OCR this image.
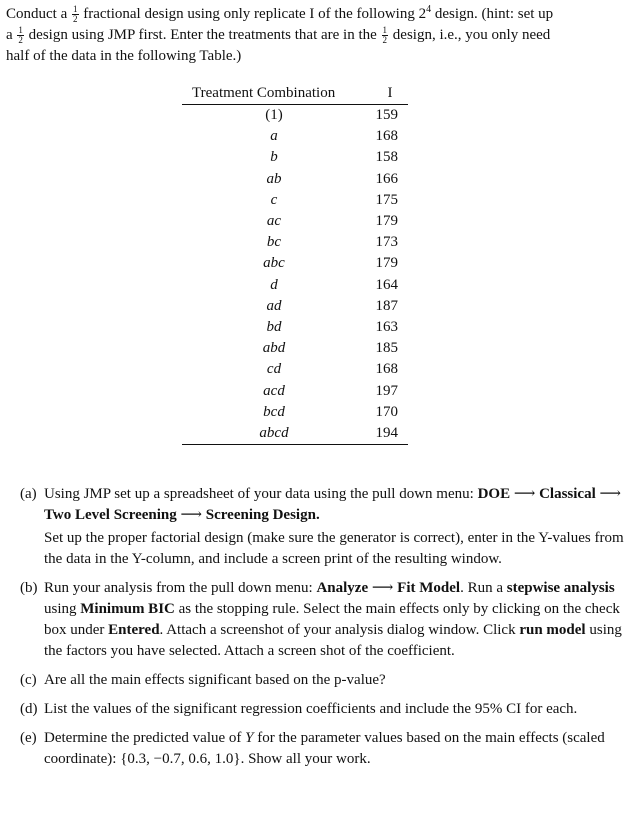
Conduct a $\frac{1}{2}$ fractional design using only replicate I of the following $2^4$ design. (hint: set up

a $\frac{1}{2}$ design using JMP first. Enter the treatments that are in the $\frac{1}{2}$ design, i.e., you only need

half of the data in the following Table.)

Treatment Combination	I
(1)	159
a	168
b	158
ab	166
c	175
ac	179
bc	173
abc	179
d	164
ad	187
bd	163
abd	185
cd	168
acd	197
bcd	170
abcd	194
(a) Using JMP set up a spreadsheet of your data using the pull down menu: DOE ⟶ Classical ⟶ Two Level Screening ⟶ Screening Design.

Set up the proper factorial design (make sure the generator is correct), enter in the Y-values from the data in the Y-column, and include a screen print of the resulting window.

(b) Run your analysis from the pull down menu: Analyze ⟶ Fit Model. Run a stepwise analysis using Minimum BIC as the stopping rule. Select the main effects only by clicking on the check box under Entered. Attach a screenshot of your analysis dialog window. Click run model using the factors you have selected. Attach a screen shot of the coefficient.

(c) Are all the main effects significant based on the p-value?

(d) List the values of the significant regression coefficients and include the 95% CI for each.

(e) Determine the predicted value of Y for the parameter values based on the main effects (scaled coordinate): {0.3, −0.7, 0.6, 1.0}. Show all your work.
